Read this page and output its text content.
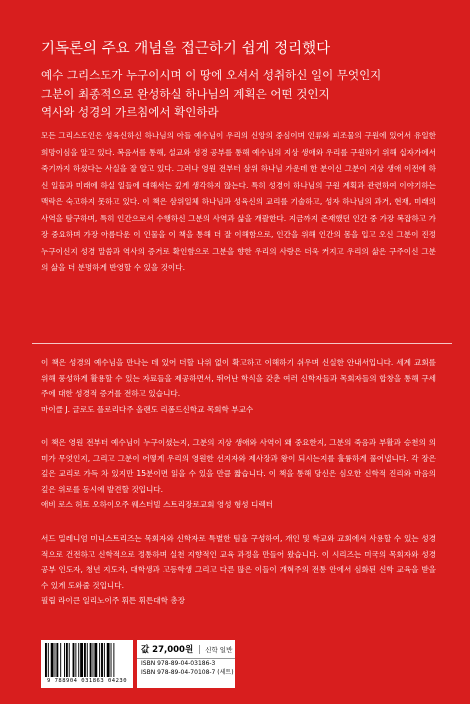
기독론의 주요 개념을 접근하기 쉽게 정리했다
예수 그리스도가 누구이시며 이 땅에 오셔서 성취하신 일이 무엇인지
그분이 최종적으로 완성하실 하나님의 계획은 어떤 것인지
역사와 성경의 가르침에서 확인하라

모든 그리스도인은 성육신하신 하나님의 아들 예수님이 우리의 신앙의 중심이며 인류와 피조물의 구원에 있어서 유일한 희망이심을 알고 있다. 복음서를 통해, 설교와 성경 공부를 통해 예수님의 지상 생애와 우리를 구원하기 위해 십자가에서 죽기까지 하셨다는 사실을 잘 알고 있다. 그러나 영원 전부터 삼위 하나님 가운데 한 분이신 그분이 지상 생애 이전에 하신 일들과 미래에 하실 일들에 대해서는 깊게 생각하지 않는다. 특히 성경이 하나님의 구원 계획과 관련하여 이야기하는 맥락은 숙고하지 못하고 있다. 이 책은 삼위일체 하나님과 성육신의 교리를 기술하고, 성자 하나님의 과거, 현재, 미래의 사역을 탐구하며, 특히 인간으로서 수행하신 그분의 사역과 삶을 개괄한다. 지금까지 존재했던 인간 중 가장 복잡하고 가장 중요하며 가장 아름다운 이 인물을 이 책을 통해 더 잘 이해함으로, 인간을 위해 인간의 몸을 입고 오신 그분이 진정 누구이신지 성경 말씀과 역사의 증거로 확인함으로 그분을 향한 우리의 사랑은 더욱 커지고 우리의 삶은 구주이신 그분의 삶을 더 분명하게 반영할 수 있을 것이다.

이 책은 성경의 예수님을 만나는 데 있어 더할 나위 없이 확고하고 이해하기 쉬우며 신실한 안내서입니다. 세계 교회를 위해 풍성하게 활용할 수 있는 자료들을 제공하면서, 뛰어난 학식을 갖춘 여러 신학자들과 목회자들의 합창을 통해 구세주에 대한 성경적 증거를 전하고 있습니다.

마이클 J. 글로도 플로리다주 올랜도 리폼드신학교 목회학 부교수

이 책은 영원 전부터 예수님이 누구이셨는지, 그분의 지상 생애와 사역이 왜 중요한지, 그분의 죽음과 부활과 승천의 의미가 무엇인지, 그리고 그분이 어떻게 우리의 영원한 선지자와 제사장과 왕이 되시는지를 훌륭하게 풀어냅니다. 각 장은 깊은 교리로 가득 차 있지만 15분이면 읽을 수 있을 만큼 짧습니다. 이 책을 통해 당신은 심오한 신학적 진리와 마음의 깊은 위로를 동시에 발견할 것입니다.

애비 로스 허토 오하이오주 웨스터빌 스트리장로교회 영성 형성 디렉터

서드 밀레니엄 미니스트리즈는 목회자와 신학자로 특별한 팀을 구성하여, 개인 및 학교와 교회에서 사용할 수 있는 성경적으로 건전하고 신학적으로 정통하며 실천 지향적인 교육 과정을 만들어 왔습니다. 이 시리즈는 미국의 목회자와 성경 공부 인도자, 청년 지도자, 대학생과 고등학생 그리고 다른 많은 이들이 개혁주의 전통 안에서 심화된 신학 교육을 받을 수 있게 도와줄 것입니다.

필립 라이큰 일리노이주 휘튼 휘튼대학 총장

9 788904 031863 04230
값 27,000원	신학 일반
ISBN 978-89-04-03186-3
ISBN 978-89-04-70108-7 (세트)
